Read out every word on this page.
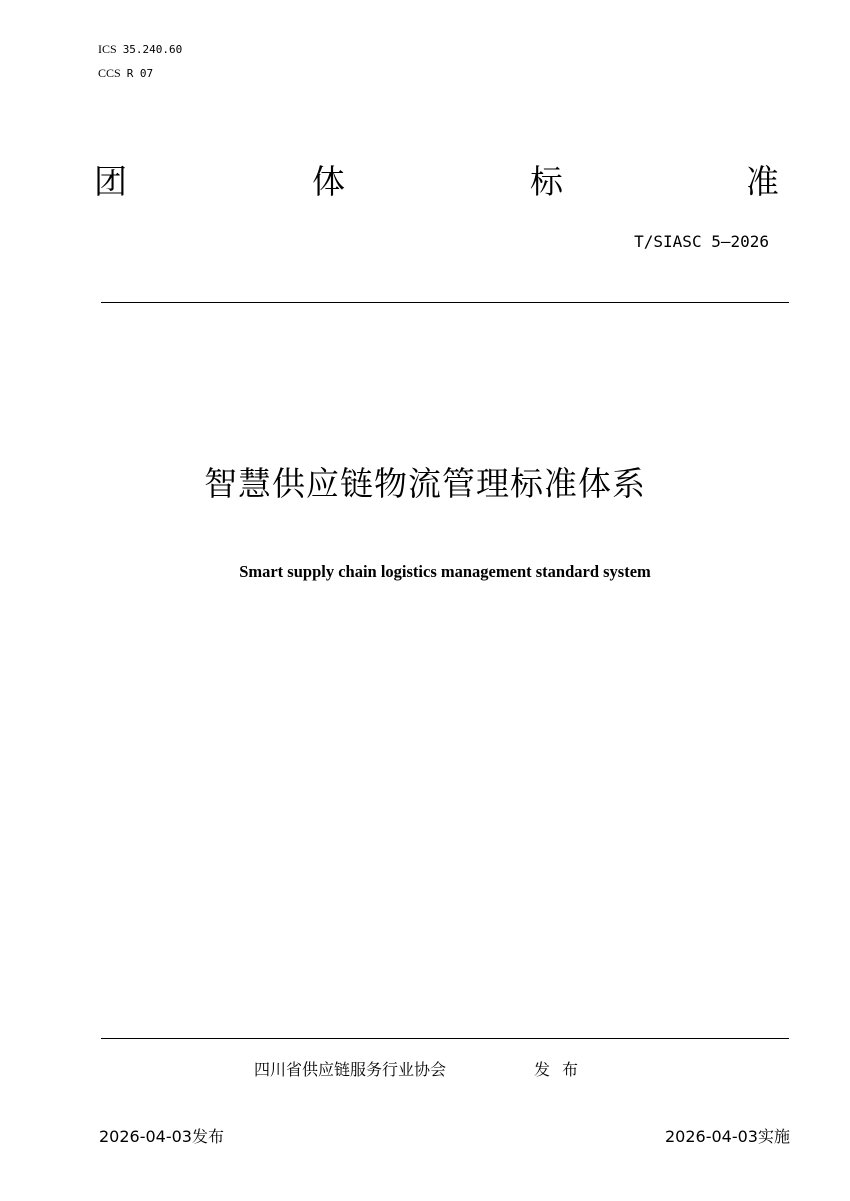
ICS 35.240.60
CCS R 07
团	体	标	准
T/SIASC 5—2026
智慧供应链物流管理标准体系
Smart supply chain logistics management standard system
四川省供应链服务行业协会	发布
2026-04-03发布	2026-04-03实施
